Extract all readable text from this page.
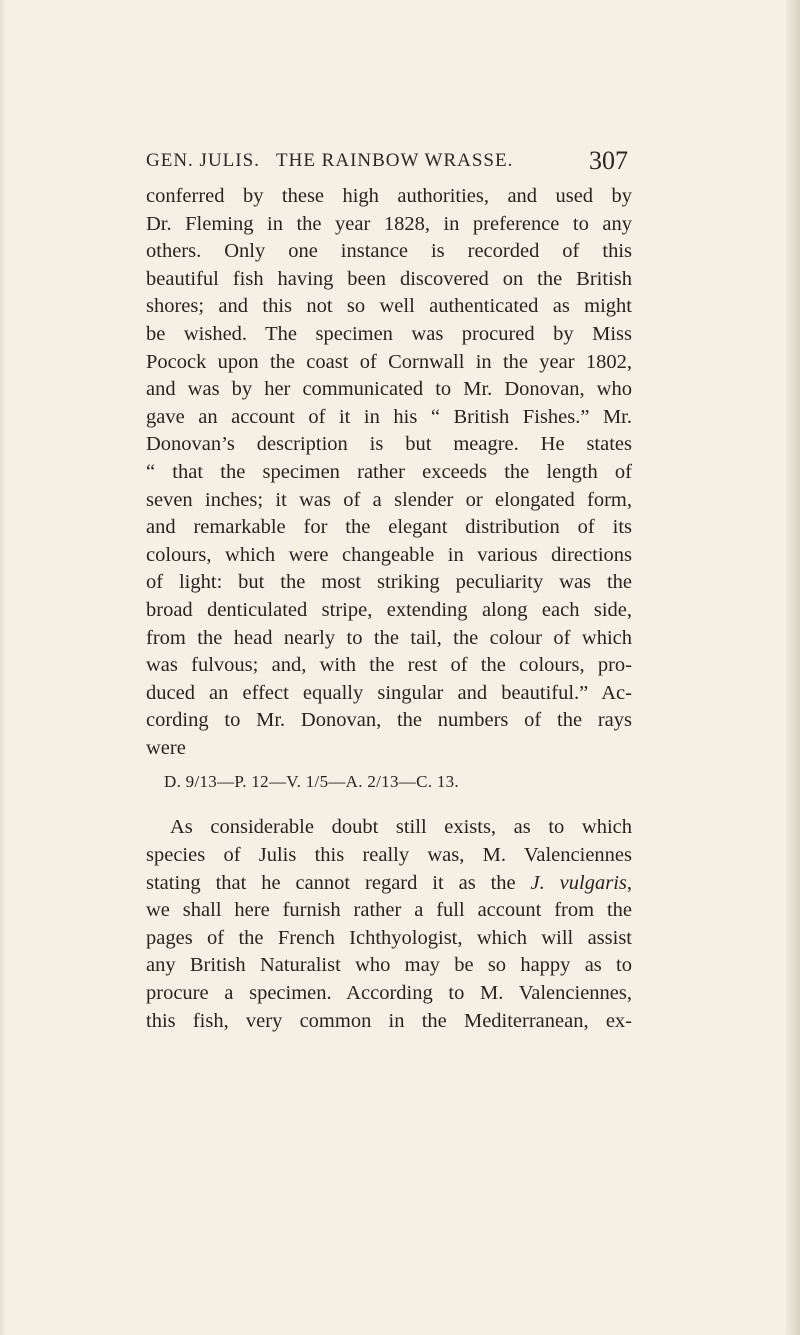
GEN. JULIS. THE RAINBOW WRASSE.	307
conferred by these high authorities, and used by
Dr. Fleming in the year 1828, in preference to any
others. Only one instance is recorded of this
beautiful fish having been discovered on the British
shores; and this not so well authenticated as might
be wished. The specimen was procured by Miss
Pocock upon the coast of Cornwall in the year 1802,
and was by her communicated to Mr. Donovan, who
gave an account of it in his “ British Fishes.” Mr.
Donovan’s description is but meagre. He states
“ that the specimen rather exceeds the length of
seven inches; it was of a slender or elongated form,
and remarkable for the elegant distribution of its
colours, which were changeable in various directions
of light: but the most striking peculiarity was the
broad denticulated stripe, extending along each side,
from the head nearly to the tail, the colour of which
was fulvous; and, with the rest of the colours, pro-
duced an effect equally singular and beautiful.” Ac-
cording to Mr. Donovan, the numbers of the rays
were
D. 9/13—P. 12—V. 1/5—A. 2/13—C. 13.
As considerable doubt still exists, as to which
species of Julis this really was, M. Valenciennes
stating that he cannot regard it as the J. vulgaris,
we shall here furnish rather a full account from the
pages of the French Ichthyologist, which will assist
any British Naturalist who may be so happy as to
procure a specimen. According to M. Valenciennes,
this fish, very common in the Mediterranean, ex-
